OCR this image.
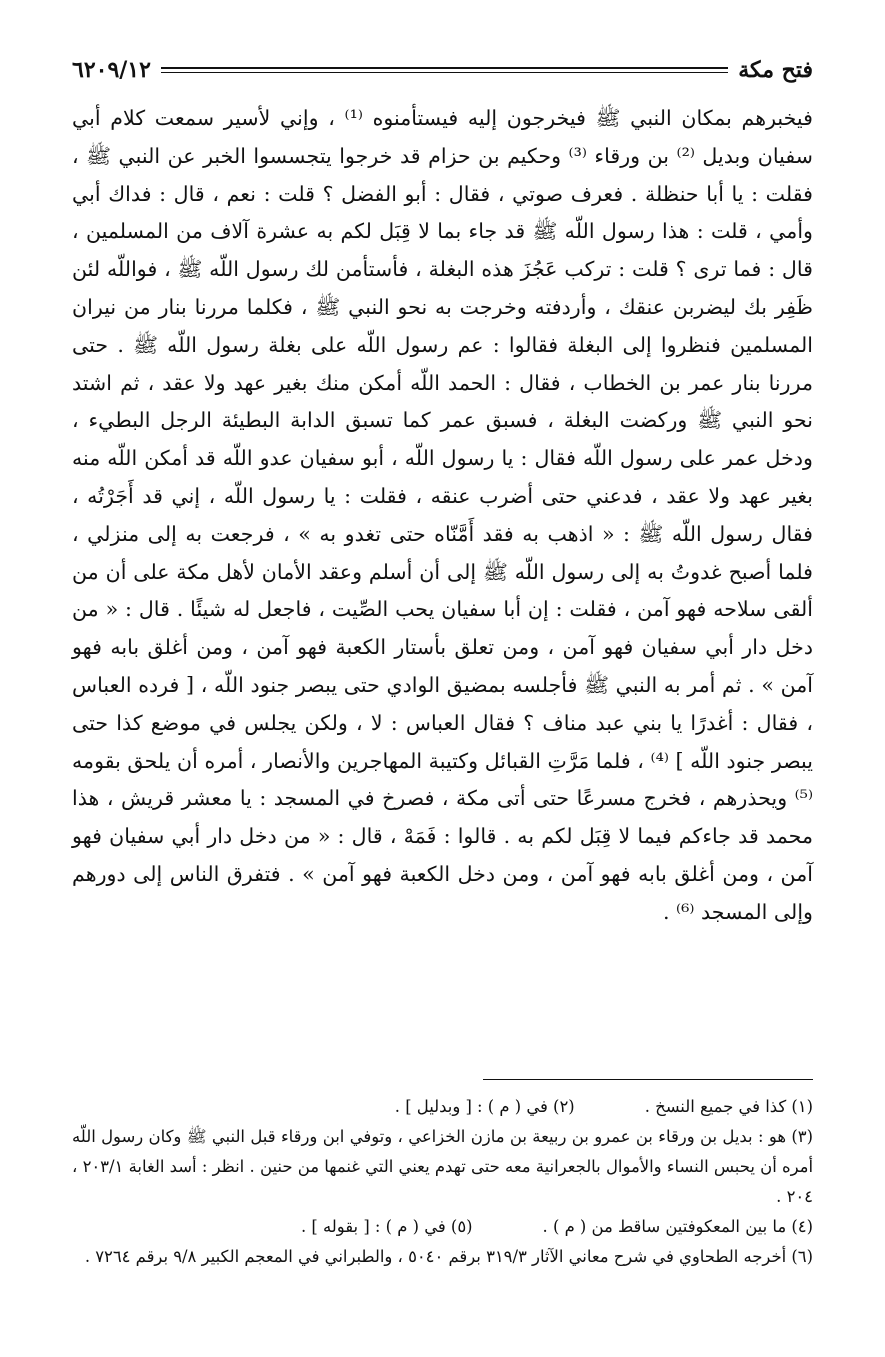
فتح مكة
٦٢٠٩/١٢

فيخبرهم بمكان النبي ﷺ فيخرجون إليه فيستأمنوه ⁽¹⁾ ، وإني لأسير سمعت كلام أبي سفيان وبديل ⁽²⁾ بن ورقاء ⁽³⁾ وحكيم بن حزام قد خرجوا يتجسسوا الخبر عن النبي ﷺ ، فقلت : يا أبا حنظلة . فعرف صوتي ، فقال : أبو الفضل ؟ قلت : نعم ، قال : فداك أبي وأمي ، قلت : هذا رسول اللّه ﷺ قد جاء بما لا قِبَل لكم به عشرة آلاف من المسلمين ، قال : فما ترى ؟ قلت : تركب عَجُزَ هذه البغلة ، فأستأمن لك رسول اللّه ﷺ ، فواللّه لئن ظَفِر بك ليضربن عنقك ، وأردفته وخرجت به نحو النبي ﷺ ، فكلما مررنا بنار من نيران المسلمين فنظروا إلى البغلة فقالوا : عم رسول اللّه على بغلة رسول اللّه ﷺ . حتى مررنا بنار عمر بن الخطاب ، فقال : الحمد اللّه أمكن منك بغير عهد ولا عقد ، ثم اشتد نحو النبي ﷺ وركضت البغلة ، فسبق عمر كما تسبق الدابة البطيئة الرجل البطيء ، ودخل عمر على رسول اللّه فقال : يا رسول اللّه ، أبو سفيان عدو اللّه قد أمكن اللّه منه بغير عهد ولا عقد ، فدعني حتى أضرب عنقه ، فقلت : يا رسول اللّه ، إني قد أَجَرْتُه ، فقال رسول اللّه ﷺ : « اذهب به فقد أَمَّنّاه حتى تغدو به » ، فرجعت به إلى منزلي ، فلما أصبح غدوتُ به إلى رسول اللّه ﷺ إلى أن أسلم وعقد الأمان لأهل مكة على أن من ألقى سلاحه فهو آمن ، فقلت : إن أبا سفيان يحب الصِّيت ، فاجعل له شيئًا . قال : « من دخل دار أبي سفيان فهو آمن ، ومن تعلق بأستار الكعبة فهو آمن ، ومن أغلق بابه فهو آمن » . ثم أمر به النبي ﷺ فأجلسه بمضيق الوادي حتى يبصر جنود اللّه ، [ فرده العباس ، فقال : أغدرًا يا بني عبد مناف ؟ فقال العباس : لا ، ولكن يجلس في موضع كذا حتى يبصر جنود اللّه ] ⁽⁴⁾ ، فلما مَرَّتِ القبائل وكتيبة المهاجرين والأنصار ، أمره أن يلحق بقومه ⁽⁵⁾ ويحذرهم ، فخرج مسرعًا حتى أتى مكة ، فصرخ في المسجد : يا معشر قريش ، هذا محمد قد جاءكم فيما لا قِبَل لكم به . قالوا : فَمَهْ ، قال : « من دخل دار أبي سفيان فهو آمن ، ومن أغلق بابه فهو آمن ، ومن دخل الكعبة فهو آمن » . فتفرق الناس إلى دورهم وإلى المسجد ⁽⁶⁾ .

(١) كذا في جميع النسخ .
(٢) في ( م ) : [ وبدليل ] .

(٣) هو : بديل بن ورقاء بن عمرو بن ربيعة بن مازن الخزاعي ، وتوفي ابن ورقاء قبل النبي ﷺ وكان رسول اللّه أمره أن يحبس النساء والأموال بالجعرانية معه حتى تهدم يعني التي غنمها من حنين . انظر : أسد الغابة ٢٠٣/١ ، ٢٠٤ .

(٤) ما بين المعكوفتين ساقط من ( م ) .
(٥) في ( م ) : [ بقوله ] .

(٦) أخرجه الطحاوي في شرح معاني الآثار ٣١٩/٣ برقم ٥٠٤٠ ، والطبراني في المعجم الكبير ٩/٨ برقم ٧٢٦٤ .
